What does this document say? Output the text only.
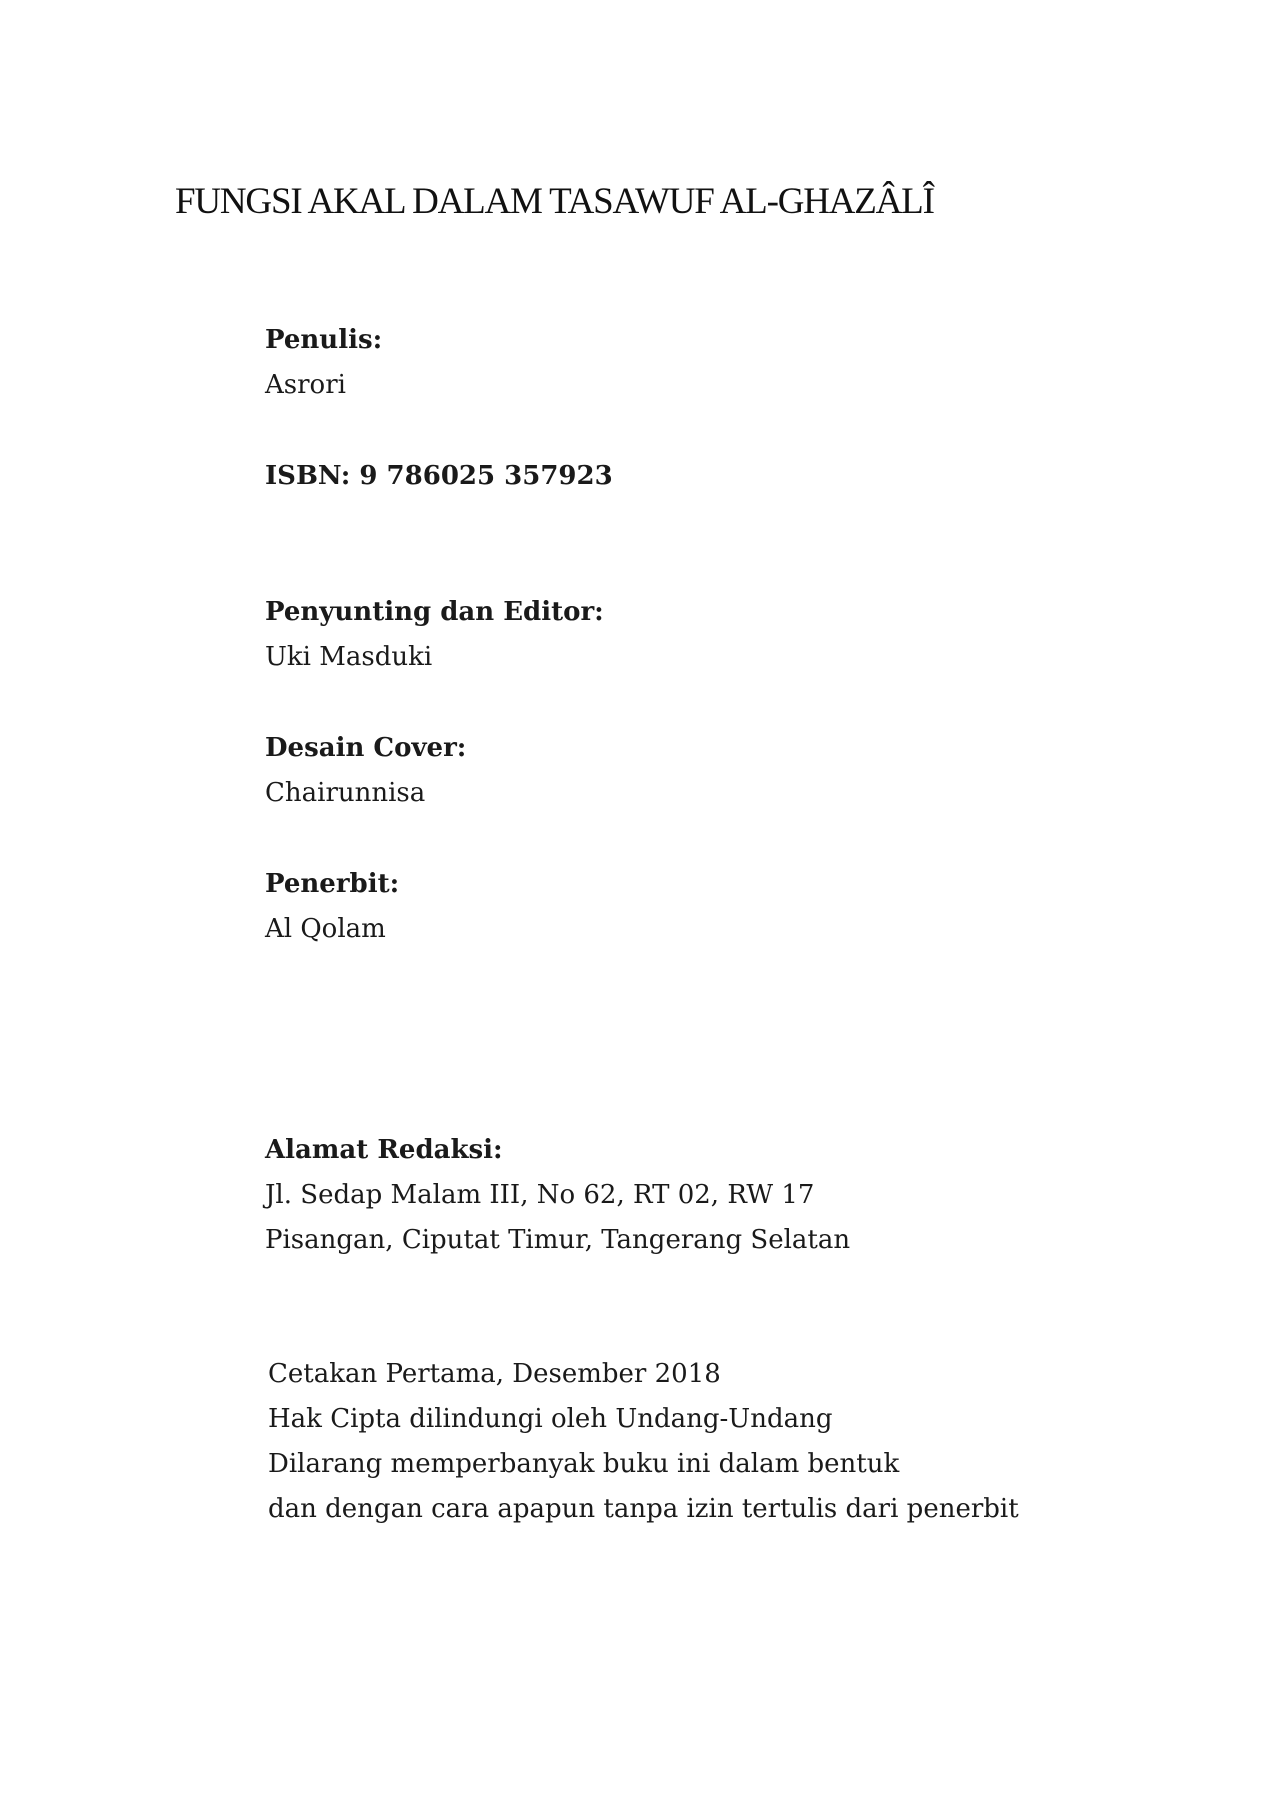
FUNGSI AKAL DALAM TASAWUF AL-GHAZÂLÎ
Penulis:
Asrori
ISBN: 9 786025 357923
Penyunting dan Editor:
Uki Masduki
Desain Cover:
Chairunnisa
Penerbit:
Al Qolam
Alamat Redaksi:
Jl. Sedap Malam III, No 62, RT 02, RW 17
Pisangan, Ciputat Timur, Tangerang Selatan
Cetakan Pertama, Desember 2018
Hak Cipta dilindungi oleh Undang-Undang
Dilarang memperbanyak buku ini dalam bentuk
dan dengan cara apapun tanpa izin tertulis dari penerbit
